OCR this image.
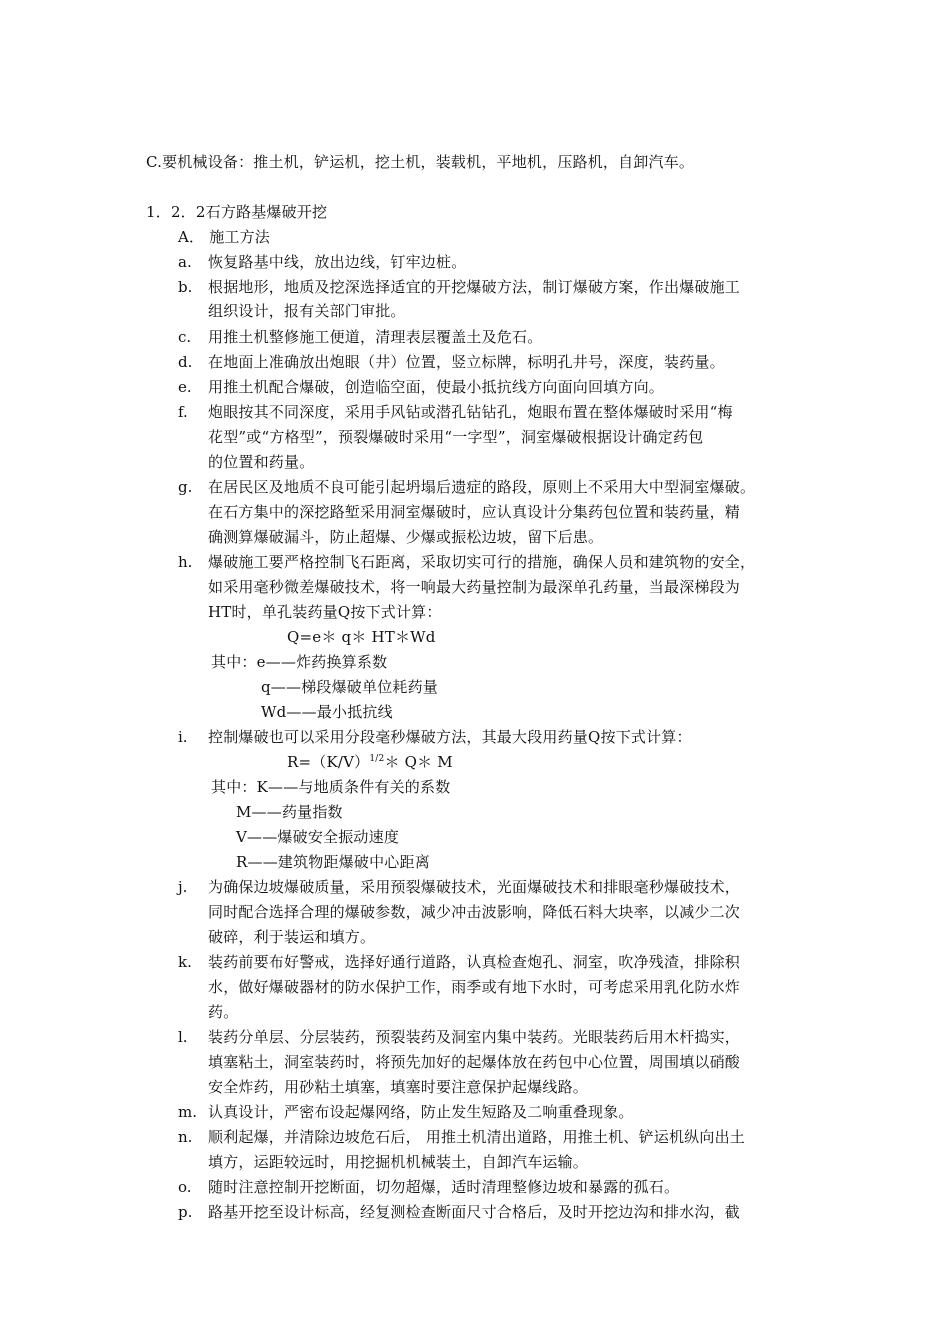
C.要机械设备：推土机，铲运机，挖土机，装载机，平地机，压路机，自卸汽车。
1．2．2石方路基爆破开挖
A． 施工方法
a. 恢复路基中线，放出边线，钉牢边桩。
b. 根据地形，地质及挖深选择适宜的开挖爆破方法，制订爆破方案，作出爆破施工
组织设计，报有关部门审批。
c. 用推土机整修施工便道，清理表层覆盖土及危石。
d. 在地面上准确放出炮眼（井）位置，竖立标牌，标明孔井号，深度，装药量。
e. 用推土机配合爆破，创造临空面，使最小抵抗线方向面向回填方向。
f. 炮眼按其不同深度，采用手风钻或潜孔钻钻孔，炮眼布置在整体爆破时采用“梅
花型”或“方格型”，预裂爆破时采用“一字型”，洞室爆破根据设计确定药包
的位置和药量。
g. 在居民区及地质不良可能引起坍塌后遗症的路段，原则上不采用大中型洞室爆破。
在石方集中的深挖路堑采用洞室爆破时，应认真设计分集药包位置和装药量，精
确测算爆破漏斗，防止超爆、少爆或振松边坡，留下后患。
h. 爆破施工要严格控制飞石距离，采取切实可行的措施，确保人员和建筑物的安全，
如采用毫秒微差爆破技术，将一响最大药量控制为最深单孔药量，当最深梯段为
HT时，单孔装药量Q按下式计算：
Q=e＊ q＊ HT＊Wd
其中：e——炸药换算系数
q——梯段爆破单位耗药量
Wd——最小抵抗线
i. 控制爆破也可以采用分段毫秒爆破方法，其最大段用药量Q按下式计算：
$R=(K/V)^{1/2}*$ Q＊ M
其中：K——与地质条件有关的系数
M——药量指数
V——爆破安全振动速度
R——建筑物距爆破中心距离
j. 为确保边坡爆破质量，采用预裂爆破技术，光面爆破技术和排眼毫秒爆破技术，
同时配合选择合理的爆破参数，减少冲击波影响，降低石料大块率，以减少二次
破碎，利于装运和填方。
k. 装药前要布好警戒，选择好通行道路，认真检查炮孔、洞室，吹净残渣，排除积
水，做好爆破器材的防水保护工作，雨季或有地下水时，可考虑采用乳化防水炸
药。
l. 装药分单层、分层装药，预裂装药及洞室内集中装药。光眼装药后用木杆捣实，
填塞粘土，洞室装药时，将预先加好的起爆体放在药包中心位置，周围填以硝酸
安全炸药，用砂粘土填塞，填塞时要注意保护起爆线路。
m. 认真设计，严密布设起爆网络，防止发生短路及二响重叠现象。
n. 顺利起爆，并清除边坡危石后， 用推土机清出道路，用推土机、铲运机纵向出土
填方，运距较远时，用挖掘机机械装土，自卸汽车运输。
o. 随时注意控制开挖断面，切勿超爆，适时清理整修边坡和暴露的孤石。
p. 路基开挖至设计标高，经复测检查断面尺寸合格后，及时开挖边沟和排水沟，截
